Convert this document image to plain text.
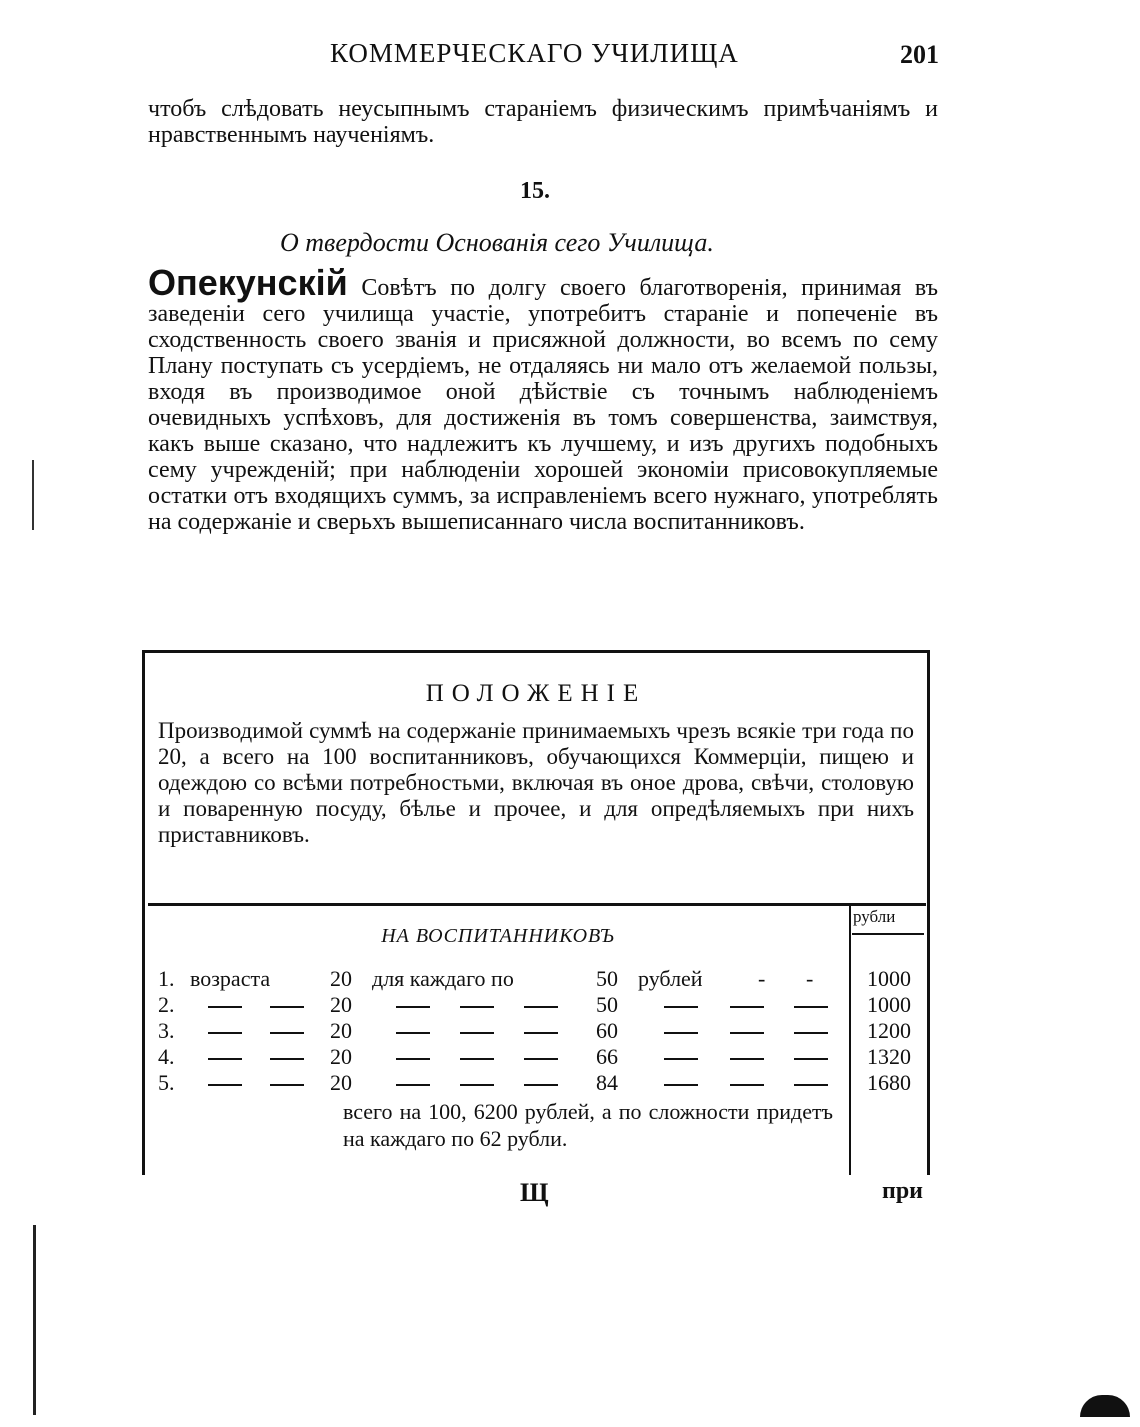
КОММЕРЧЕСКАГО УЧИЛИЩА	201
чтобъ слѣдовать неусыпнымъ стараніемъ физическимъ примѣчаніямъ и нравственнымъ наученіямъ.
15.
О твердости Основанія сего Училища.
Опекунскій Совѣтъ по долгу своего благотворенія, принимая въ заведеніи сего училища участіе, употребитъ стараніе и попеченіе въ сходственность своего званія и присяжной должности, во всемъ по сему Плану поступать съ усердіемъ, не отдаляясь ни мало отъ желаемой пользы, входя въ производимое оной дѣйствіе съ точнымъ наблюденіемъ очевидныхъ успѣховъ, для достиженія въ томъ совершенства, заимствуя, какъ выше сказано, что надлежитъ къ лучшему, и изъ другихъ подобныхъ сему учрежденій; при наблюденіи хорошей экономіи присовокупляемые остатки отъ входящихъ суммъ, за исправленіемъ всего нужнаго, употреблять на содержаніе и сверьхъ вышеписаннаго числа воспитанниковъ.
ПОЛОЖЕНІЕ
Производимой суммѣ на содержаніе принимаемыхъ чрезъ всякіе три года по 20, а всего на 100 воспитанниковъ, обучающихся Коммерціи, пищею и одеждою со всѣми потребностьми, включая въ оное дрова, свѣчи, столовую и поваренную посуду, бѣлье и прочее, и для опредѣляемыхъ при нихъ приставниковъ.
рубли
НА ВОСПИТАННИКОВЪ
1. возраста	20 для каждаго по	50 рублей	- -	1000
2.	20	50	1000
3.	20	60	1200
4.	20	66	1320
5.	20	84	1680
всего на 100, 6200 рублей, а по сложности придетъ на каждаго по 62 рубли.
Щ	при
